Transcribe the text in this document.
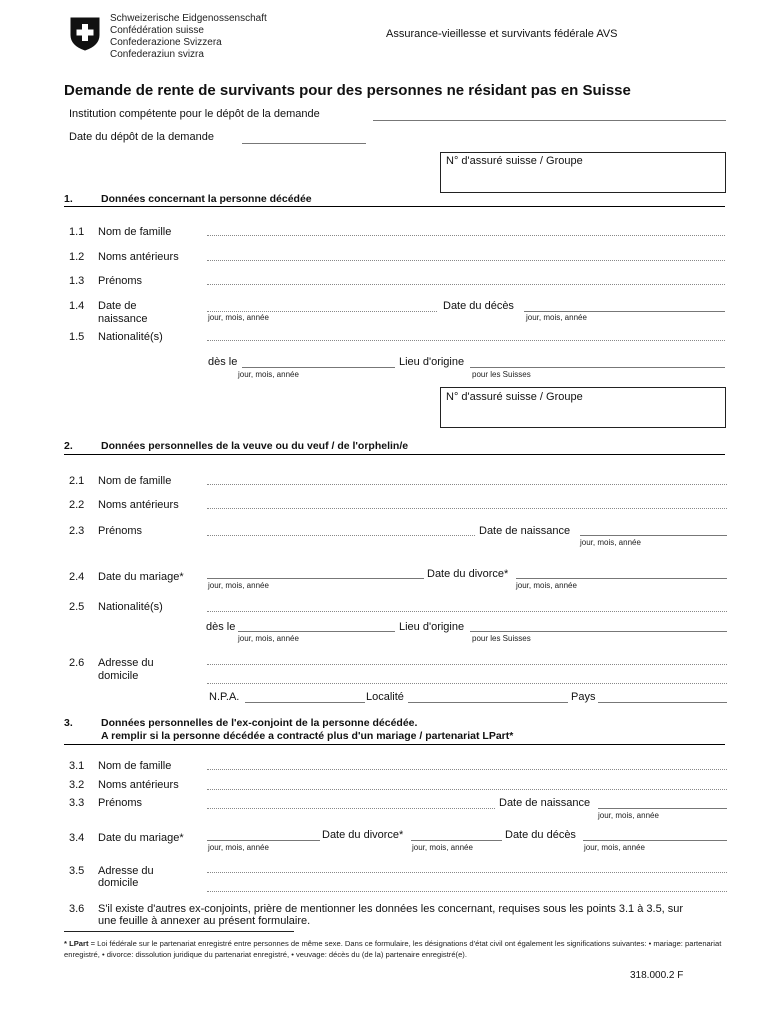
Schweizerische Eidgenossenschaft
Confédération suisse
Confederazione Svizzera
Confederaziun svizra
Assurance-vieillesse et survivants fédérale AVS
Demande de rente de survivants pour des personnes ne résidant pas en Suisse
Institution compétente pour le dépôt de la demande
Date du dépôt de la demande
N° d'assuré suisse / Groupe
1.	Données concernant la personne décédée
1.1 Nom de famille
1.2 Noms antérieurs
1.3 Prénoms
1.4 Date de
naissance	jour, mois, année
Date du décès
jour, mois, année
1.5 Nationalité(s)
dès le
jour, mois, année
Lieu d'origine
pour les Suisses
N° d'assuré suisse / Groupe
2.	Données personnelles de la veuve ou du veuf / de l'orphelin/e
2.1 Nom de famille
2.2 Noms antérieurs
2.3 Prénoms	Date de naissance
jour, mois, année
2.4 Date du mariage*
jour, mois, année
Date du divorce*
jour, mois, année
2.5 Nationalité(s)
dès le
jour, mois, année
Lieu d'origine
pour les Suisses
2.6 Adresse du
domicile
N.P.A.	Localité	Pays
3.	Données personnelles de l'ex-conjoint de la personne décédée.
A remplir si la personne décédée a contracté plus d'un mariage / partenariat LPart*
3.1 Nom de famille
3.2 Noms antérieurs
3.3 Prénoms	Date de naissance
jour, mois, année
3.4 Date du mariage*
jour, mois, année
Date du divorce*
jour, mois, année
Date du décès
jour, mois, année
3.5 Adresse du
domicile
3.6 S'il existe d'autres ex-conjoints, prière de mentionner les données les concernant, requises sous les points 3.1 à 3.5, sur
une feuille à annexer au présent formulaire.
* LPart = Loi fédérale sur le partenariat enregistré entre personnes de même sexe. Dans ce formulaire, les désignations d'état civil ont également les significations suivantes: • mariage: partenariat enregistré, • divorce: dissolution juridique du partenariat enregistré, • veuvage: décès du (de la) partenaire enregistré(e).
318.000.2 F
